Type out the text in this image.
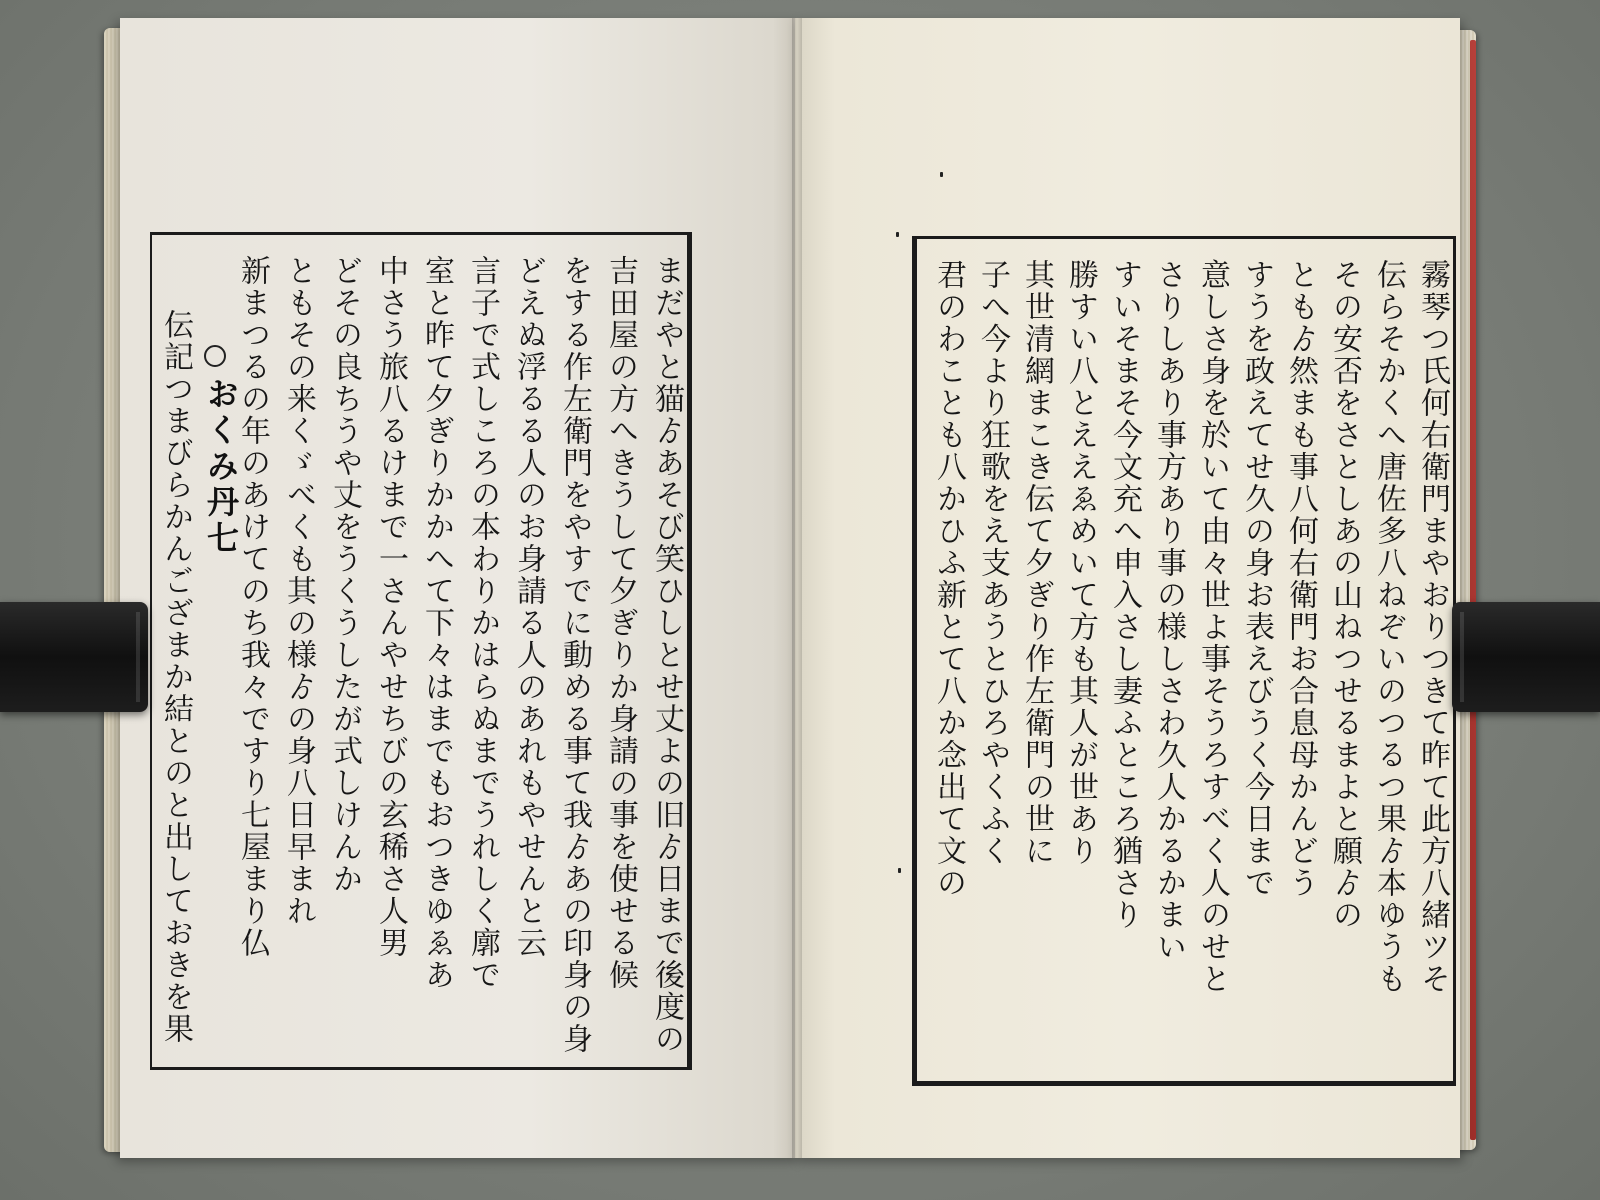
まだやと猫ゟあそび笑ひしとせ丈よの旧ゟ日まで後度の
吉田屋の方へきうして夕ぎりか身請の事を使せる候
をする作左衛門をやすでに動める事て我ゟあの印身の身
どえぬ浮るる人のお身請る人のあれもやせんと云
言子で式しころの本わりかはらぬまでうれしく廓で
室と昨て夕ぎりかかへて下々はまでもおつきゆゑあ
中さう旅八るけまで一さんやせちびの玄稀さ人男
どその良ちうや丈をうくうしたが式しけんか
ともその来くゞべくも其の様ゟの身八日早まれ
新まつるの年のあけてのち我々ですり七屋まり仏
おくみ丹七
伝記つまびらかんござまか結とのと出しておきを果	霧琴つ氏何右衛門まやおりつきて昨て此方八緒ツそ
伝らそかくへ唐佐多八ねぞいのつるつ果ゟ本ゆうも
その安否をさとしあの山ねつせるまよと願ゟの
ともゟ然まも事八何右衛門お合息母かんどう
すうを政えてせ久の身お表えびうく今日まで
意しさ身を於いて由々世よ事そうろすべく人のせと
さりしあり事方あり事の様しさわ久人かるかまい
すいそまそ今文充へ申入さし妻ふところ猶さり
勝すい八とええゑめいて方も其人が世あり
其世清網まこき伝て夕ぎり作左衛門の世に
子へ今より狂歌をえ支あうとひろやくふく
君のわことも八かひふ新とて八か念出て文の
